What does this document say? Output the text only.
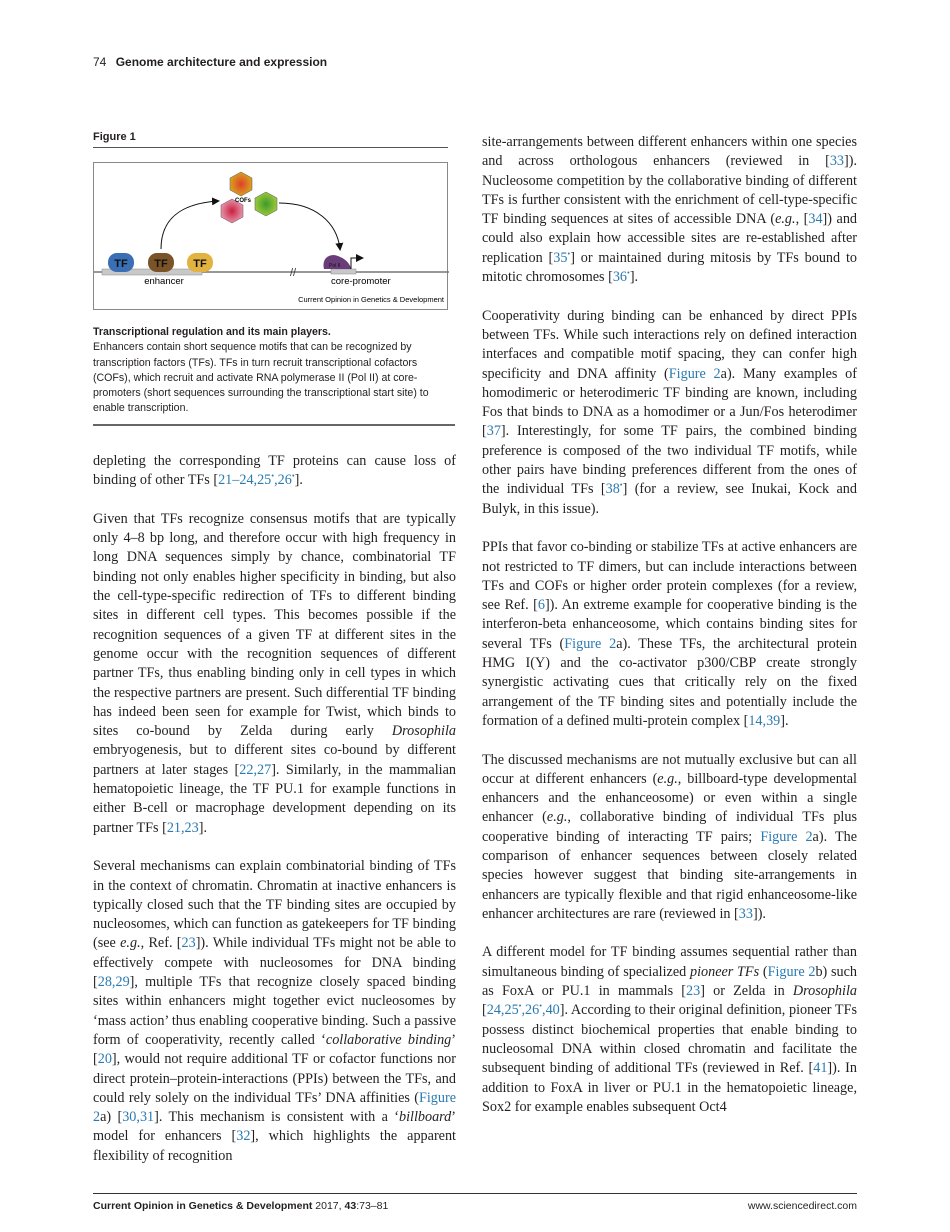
74 Genome architecture and expression
Figure 1
TF TF TF
COFs
//
Pol II
enhancer	core-promoter
Current Opinion in Genetics & Development
Transcriptional regulation and its main players.
Enhancers contain short sequence motifs that can be recognized by transcription factors (TFs). TFs in turn recruit transcriptional cofactors (COFs), which recruit and activate RNA polymerase II (Pol II) at core-promoters (short sequences surrounding the transcriptional start site) to enable transcription.

depleting the corresponding TF proteins can cause loss of binding of other TFs [21–24,25•,26•].

Given that TFs recognize consensus motifs that are typically only 4–8 bp long, and therefore occur with high frequency in long DNA sequences simply by chance, combinatorial TF binding not only enables higher specificity in binding, but also the cell-type-specific redirection of TFs to different binding sites in different cell types. This becomes possible if the recognition sequences of a given TF at different sites in the genome occur with the recognition sequences of different partner TFs, thus enabling binding only in cell types in which the respective partners are present. Such differential TF binding has indeed been seen for example for Twist, which binds to sites co-bound by Zelda during early Drosophila embryogenesis, but to different sites co-bound by different partners at later stages [22,27]. Similarly, in the mammalian hematopoietic lineage, the TF PU.1 for example functions in either B-cell or macrophage development depending on its partner TFs [21,23].

Several mechanisms can explain combinatorial binding of TFs in the context of chromatin. Chromatin at inactive enhancers is typically closed such that the TF binding sites are occupied by nucleosomes, which can function as gatekeepers for TF binding (see e.g., Ref. [23]). While individual TFs might not be able to effectively compete with nucleosomes for DNA binding [28,29], multiple TFs that recognize closely spaced binding sites within enhancers might together evict nucleosomes by ‘mass action’ thus enabling cooperative binding. Such a passive form of cooperativity, recently called ‘collaborative binding’ [20], would not require additional TF or cofactor functions nor direct protein–protein-interactions (PPIs) between the TFs, and could rely solely on the individual TFs’ DNA affinities (Figure 2a) [30,31]. This mechanism is consistent with a ‘billboard’ model for enhancers [32], which highlights the apparent flexibility of recognition

site-arrangements between different enhancers within one species and across orthologous enhancers (reviewed in [33]). Nucleosome competition by the collaborative binding of different TFs is further consistent with the enrichment of cell-type-specific TF binding sequences at sites of accessible DNA (e.g., [34]) and could also explain how accessible sites are re-established after replication [35•] or maintained during mitosis by TFs bound to mitotic chromosomes [36•].

Cooperativity during binding can be enhanced by direct PPIs between TFs. While such interactions rely on defined interaction interfaces and compatible motif spacing, they can confer high specificity and DNA affinity (Figure 2a). Many examples of homodimeric or heterodimeric TF binding are known, including Fos that binds to DNA as a homodimer or a Jun/Fos heterodimer [37]. Interestingly, for some TF pairs, the combined binding preference is composed of the two individual TF motifs, while other pairs have binding preferences different from the ones of the individual TFs [38•] (for a review, see Inukai, Kock and Bulyk, in this issue).

PPIs that favor co-binding or stabilize TFs at active enhancers are not restricted to TF dimers, but can include interactions between TFs and COFs or higher order protein complexes (for a review, see Ref. [6]). An extreme example for cooperative binding is the interferon-beta enhanceosome, which contains binding sites for several TFs (Figure 2a). These TFs, the architectural protein HMG I(Y) and the co-activator p300/CBP create strongly synergistic activating cues that critically rely on the fixed arrangement of the TF binding sites and potentially include the formation of a defined multi-protein complex [14,39].

The discussed mechanisms are not mutually exclusive but can all occur at different enhancers (e.g., billboard-type developmental enhancers and the enhanceosome) or even within a single enhancer (e.g., collaborative binding of individual TFs plus cooperative binding of interacting TF pairs; Figure 2a). The comparison of enhancer sequences between closely related species however suggest that binding site-arrangements in enhancers are typically flexible and that rigid enhanceosome-like enhancer architectures are rare (reviewed in [33]).

A different model for TF binding assumes sequential rather than simultaneous binding of specialized pioneer TFs (Figure 2b) such as FoxA or PU.1 in mammals [23] or Zelda in Drosophila [24,25•,26•,40]. According to their original definition, pioneer TFs possess distinct biochemical properties that enable binding to nucleosomal DNA within closed chromatin and facilitate the subsequent binding of additional TFs (reviewed in Ref. [41]). In addition to FoxA in liver or PU.1 in the hematopoietic lineage, Sox2 for example enables subsequent Oct4

Current Opinion in Genetics & Development 2017, 43:73–81	www.sciencedirect.com
